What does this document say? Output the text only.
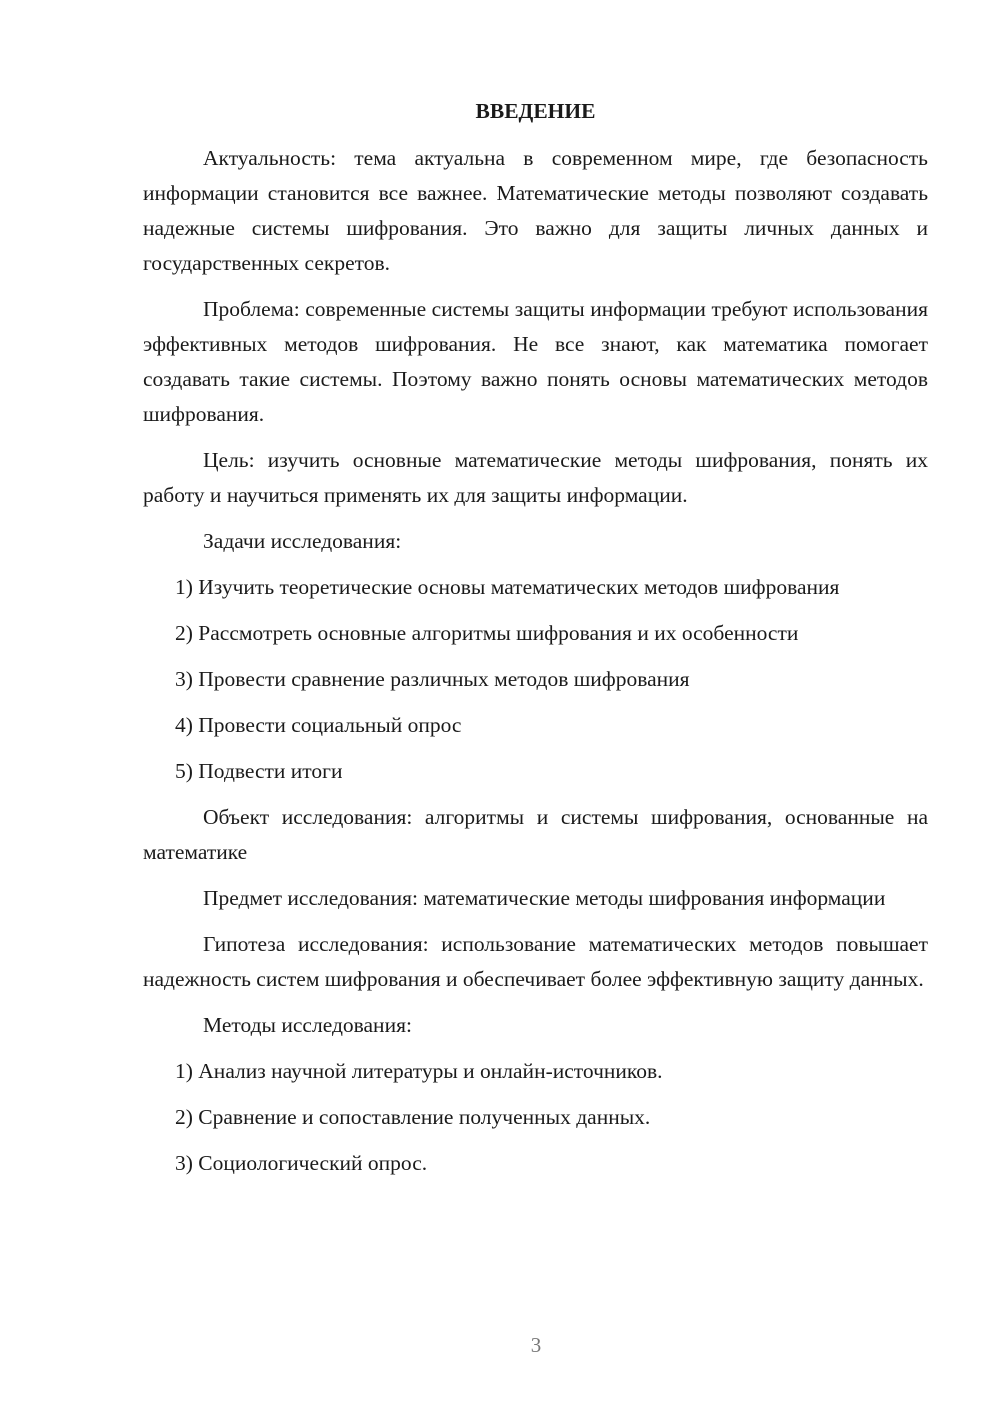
ВВЕДЕНИЕ

Актуальность: тема актуальна в современном мире, где безопасность информации становится все важнее. Математические методы позволяют создавать надежные системы шифрования. Это важно для защиты личных данных и государственных секретов.

Проблема: современные системы защиты информации требуют использования эффективных методов шифрования. Не все знают, как математика помогает создавать такие системы. Поэтому важно понять основы математических методов шифрования.

Цель: изучить основные математические методы шифрования, понять их работу и научиться применять их для защиты информации.

Задачи исследования:

1) Изучить теоретические основы математических методов шифрования

2) Рассмотреть основные алгоритмы шифрования и их особенности

3) Провести сравнение различных методов шифрования

4) Провести социальный опрос

5) Подвести итоги

Объект исследования: алгоритмы и системы шифрования, основанные на математике

Предмет исследования: математические методы шифрования информации

Гипотеза исследования: использование математических методов повышает надежность систем шифрования и обеспечивает более эффективную защиту данных.

Методы исследования:

1) Анализ научной литературы и онлайн-источников.

2) Сравнение и сопоставление полученных данных.

3) Социологический опрос.

3
